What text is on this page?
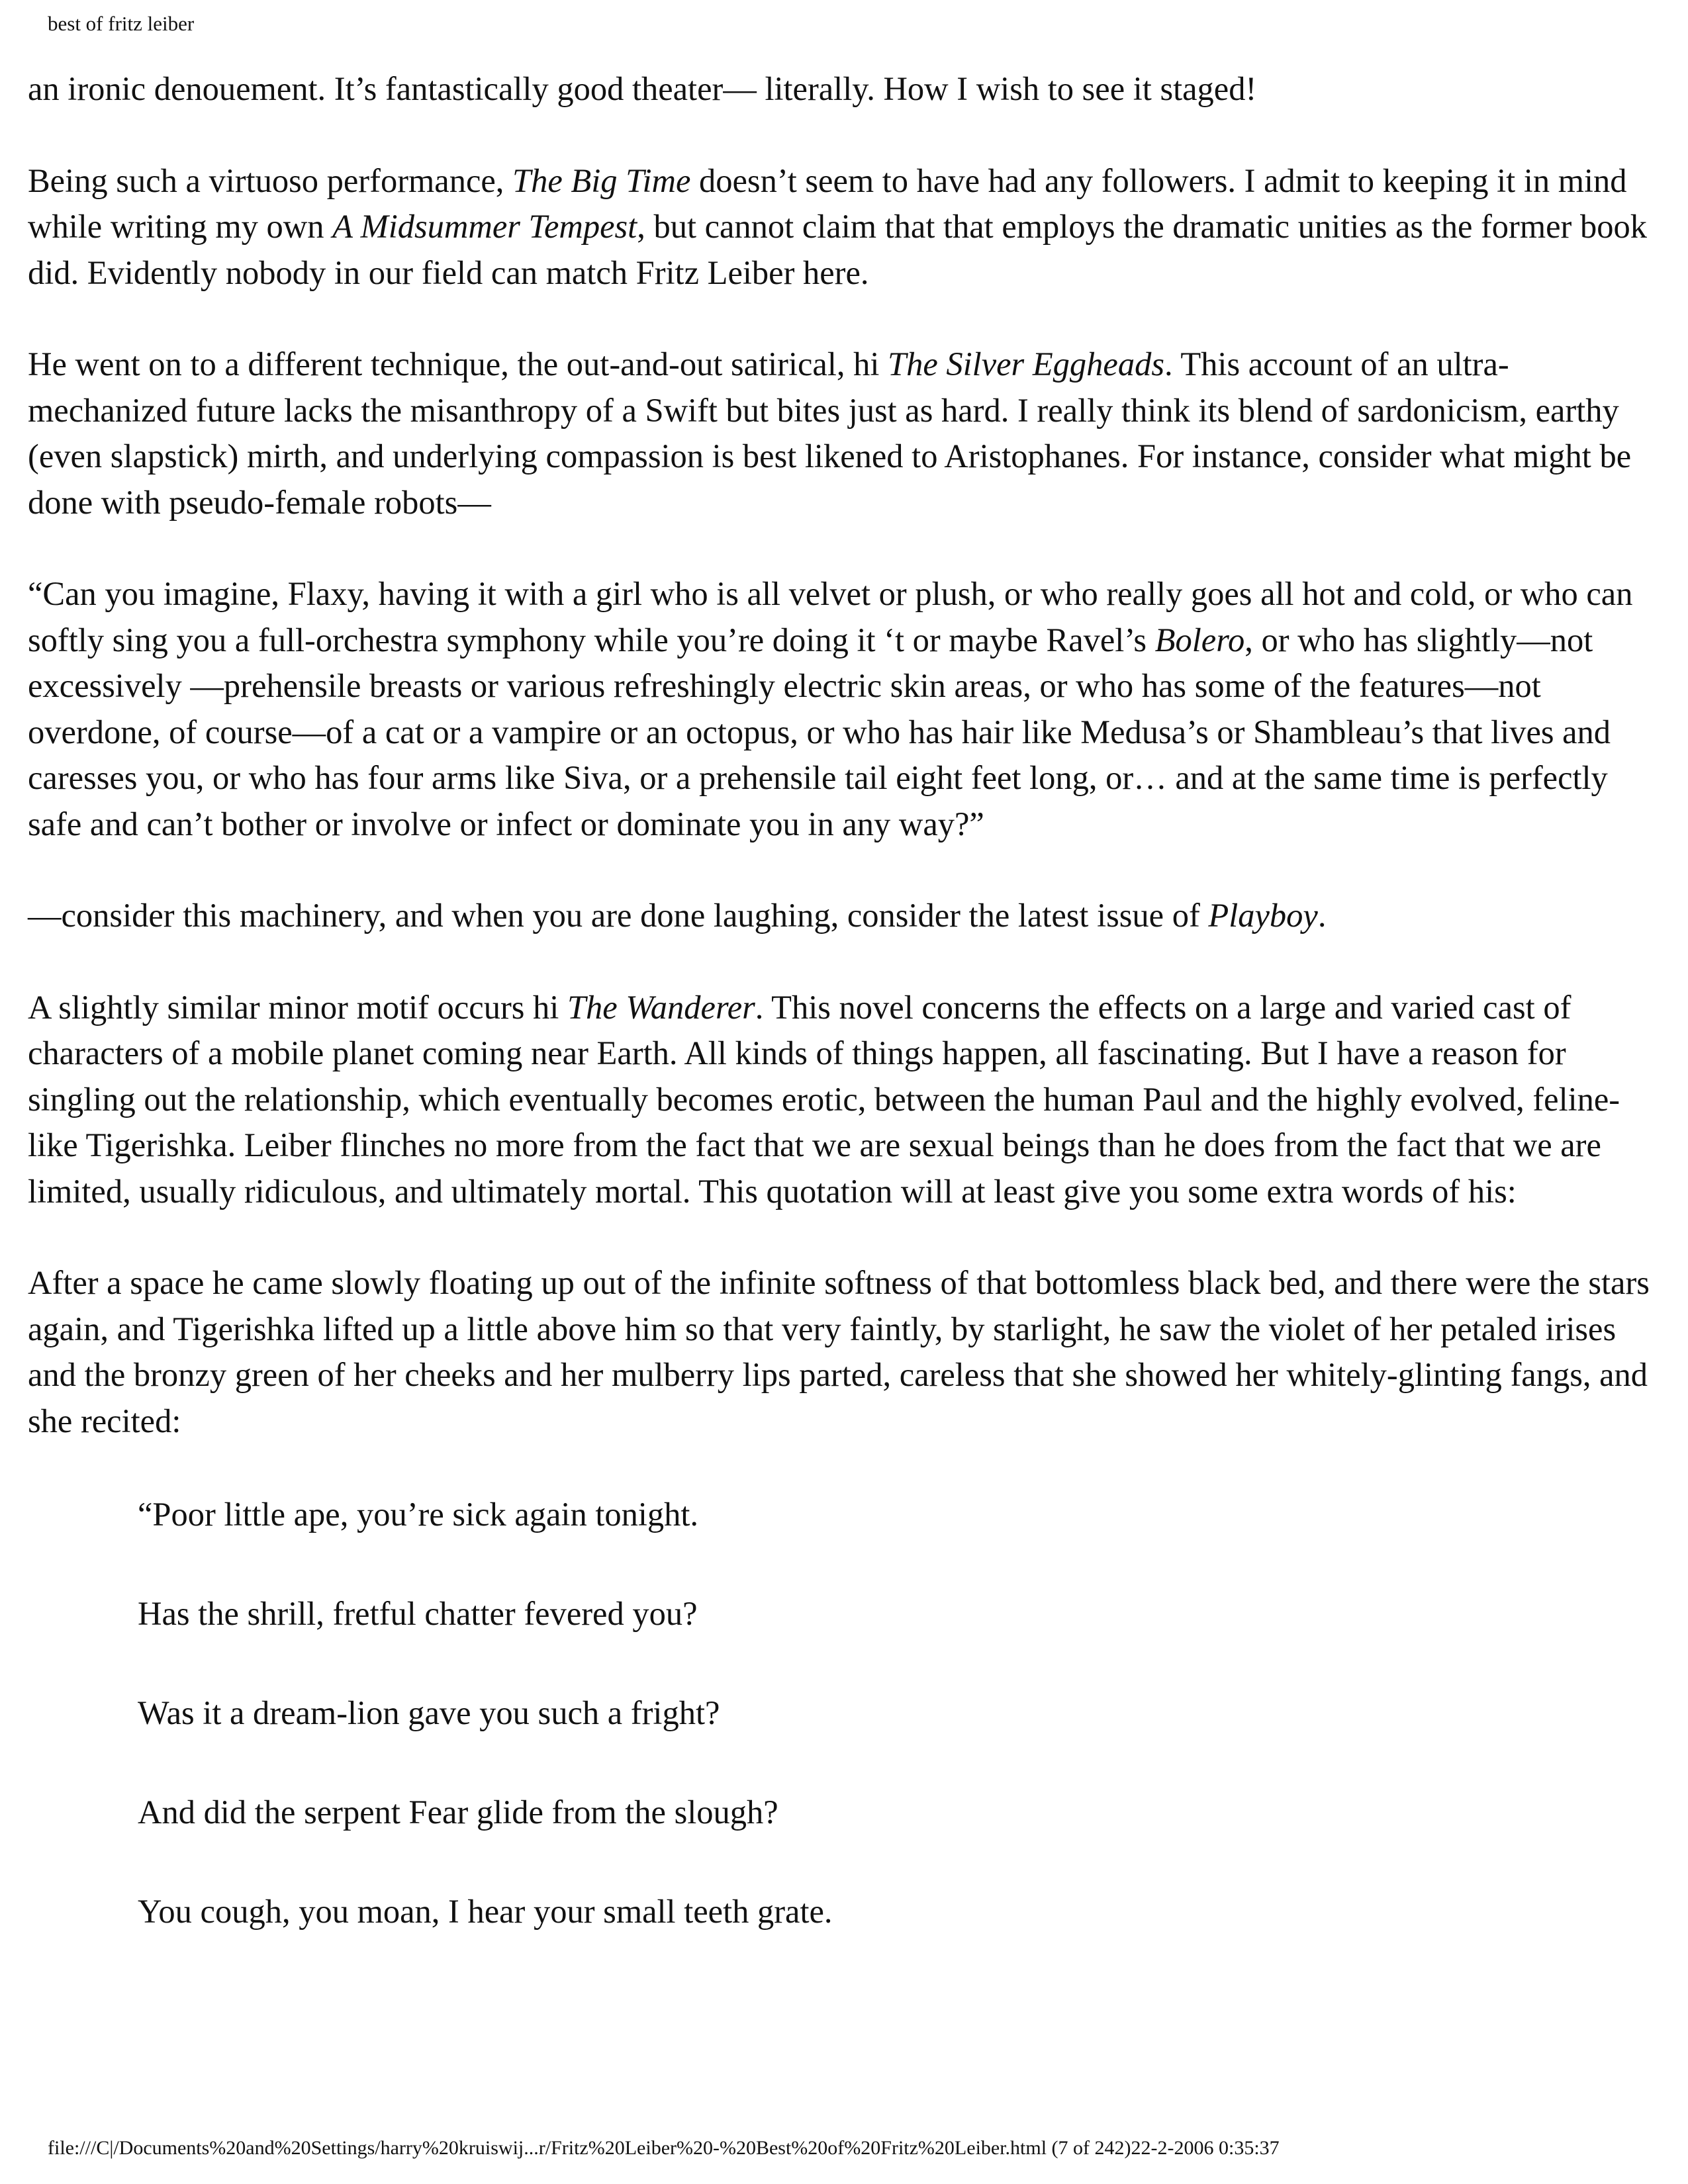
best of fritz leiber

an ironic denouement. It’s fantastically good theater— literally. How I wish to see it staged!

Being such a virtuoso performance, The Big Time doesn’t seem to have had any followers. I admit to keeping it in mind while writing my own A Midsummer Tempest, but cannot claim that that employs the dramatic unities as the former book did. Evidently nobody in our field can match Fritz Leiber here.

He went on to a different technique, the out-and-out satirical, hi The Silver Eggheads. This account of an ultra-mechanized future lacks the misanthropy of a Swift but bites just as hard. I really think its blend of sardonicism, earthy (even slapstick) mirth, and underlying compassion is best likened to Aristophanes. For instance, consider what might be done with pseudo-female robots—

“Can you imagine, Flaxy, having it with a girl who is all velvet or plush, or who really goes all hot and cold, or who can softly sing you a full-orchestra symphony while you’re doing it ‘t or maybe Ravel’s Bolero, or who has slightly—not excessively —prehensile breasts or various refreshingly electric skin areas, or who has some of the features—not overdone, of course—of a cat or a vampire or an octopus, or who has hair like Medusa’s or Shambleau’s that lives and caresses you, or who has four arms like Siva, or a prehensile tail eight feet long, or… and at the same time is perfectly safe and can’t bother or involve or infect or dominate you in any way?”

—consider this machinery, and when you are done laughing, consider the latest issue of Playboy.

A slightly similar minor motif occurs hi The Wanderer. This novel concerns the effects on a large and varied cast of characters of a mobile planet coming near Earth. All kinds of things happen, all fascinating. But I have a reason for singling out the relationship, which eventually becomes erotic, between the human Paul and the highly evolved, feline-like Tigerishka. Leiber flinches no more from the fact that we are sexual beings than he does from the fact that we are limited, usually ridiculous, and ultimately mortal. This quotation will at least give you some extra words of his:

After a space he came slowly floating up out of the infinite softness of that bottomless black bed, and there were the stars again, and Tigerishka lifted up a little above him so that very faintly, by starlight, he saw the violet of her petaled irises and the bronzy green of her cheeks and her mulberry lips parted, careless that she showed her whitely-glinting fangs, and she recited:

“Poor little ape, you’re sick again tonight.

Has the shrill, fretful chatter fevered you?

Was it a dream-lion gave you such a fright?

And did the serpent Fear glide from the slough?

You cough, you moan, I hear your small teeth grate.

file:///C|/Documents%20and%20Settings/harry%20kruiswij...r/Fritz%20Leiber%20-%20Best%20of%20Fritz%20Leiber.html (7 of 242)22-2-2006 0:35:37
